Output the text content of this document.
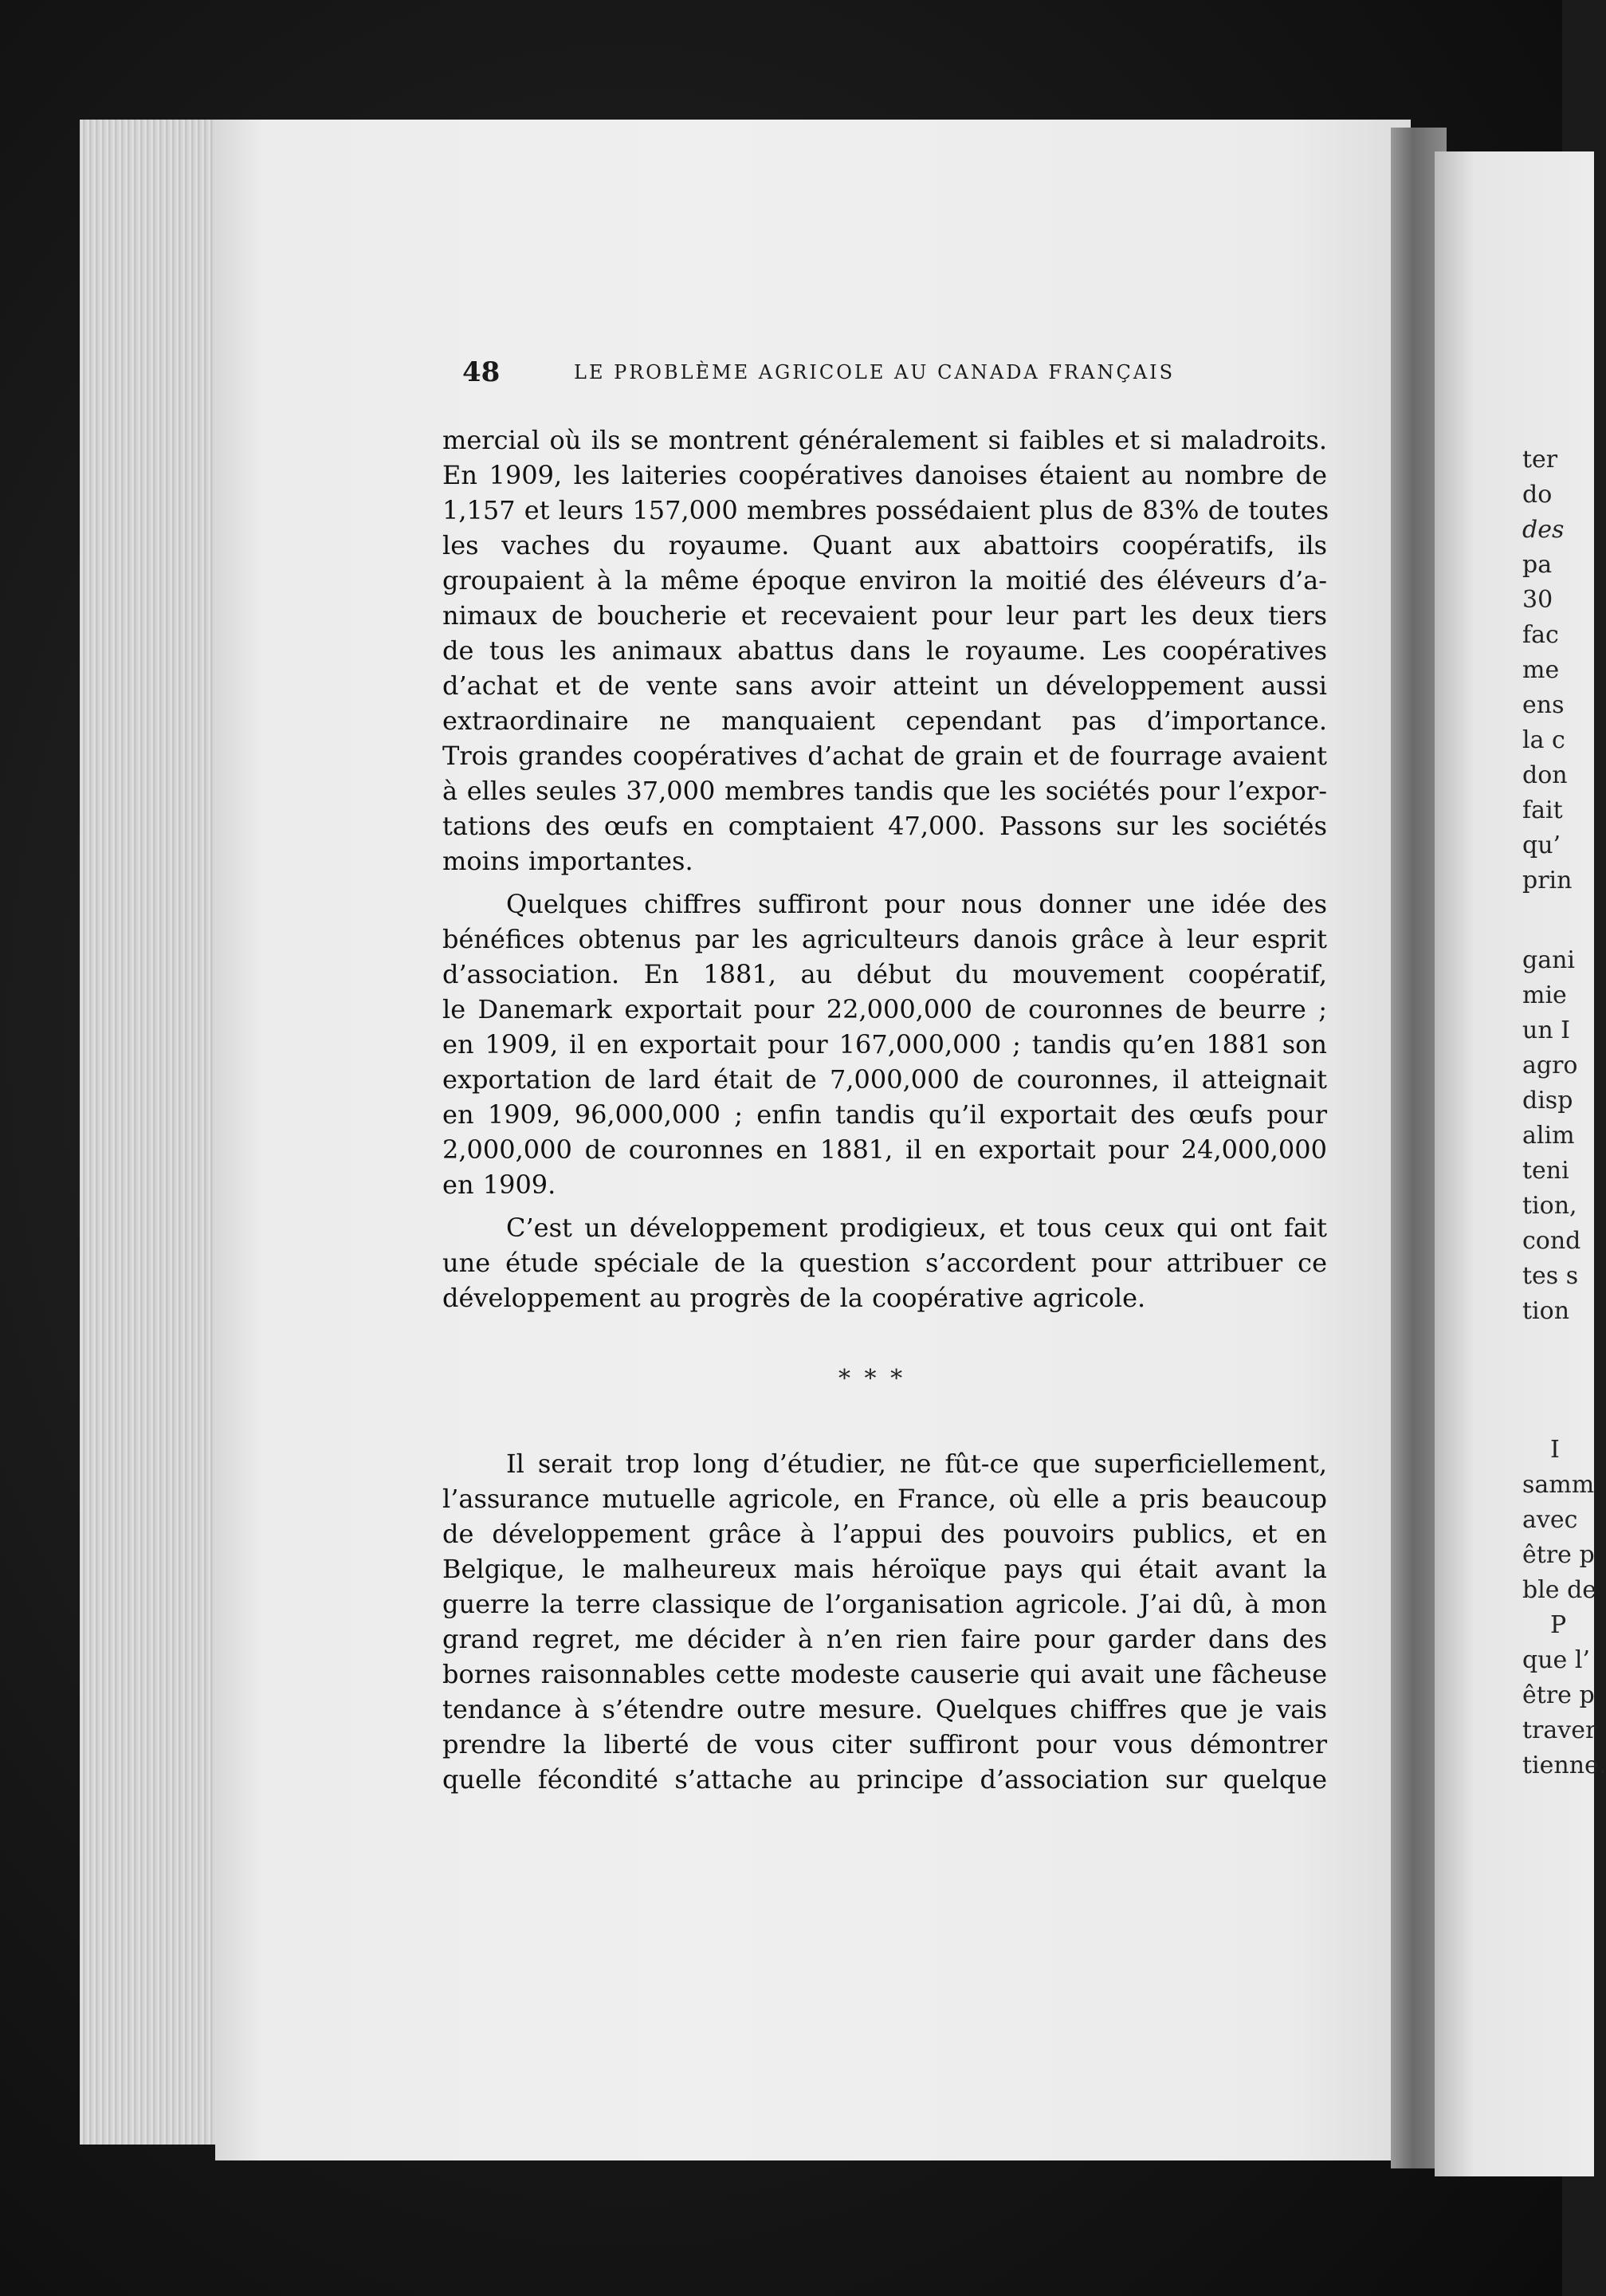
ter
do
des
pa
30
fac
me
ens
la c
don
fait
qu’
prin
gani
mie
un I
agro
disp
alim
teni
tion,
cond
tes s
tion
I
samm
avec
être p
ble de
P
que l’
être p
traver
tienne.
48	LE PROBLÈME AGRICOLE AU CANADA FRANÇAIS
mercial où ils se montrent généralement si faibles et si maladroits.
En 1909, les laiteries coopératives danoises étaient au nombre de
1,157 et leurs 157,000 membres possédaient plus de 83% de toutes
les vaches du royaume. Quant aux abattoirs coopératifs, ils
groupaient à la même époque environ la moitié des éléveurs d’a-
nimaux de boucherie et recevaient pour leur part les deux tiers
de tous les animaux abattus dans le royaume. Les coopératives
d’achat et de vente sans avoir atteint un développement aussi
extraordinaire ne manquaient cependant pas d’importance.
Trois grandes coopératives d’achat de grain et de fourrage avaient
à elles seules 37,000 membres tandis que les sociétés pour l’expor-
tations des œufs en comptaient 47,000. Passons sur les sociétés
moins importantes.
Quelques chiffres suffiront pour nous donner une idée des
bénéfices obtenus par les agriculteurs danois grâce à leur esprit
d’association. En 1881, au début du mouvement coopératif,
le Danemark exportait pour 22,000,000 de couronnes de beurre ;
en 1909, il en exportait pour 167,000,000 ; tandis qu’en 1881 son
exportation de lard était de 7,000,000 de couronnes, il atteignait
en 1909, 96,000,000 ; enfin tandis qu’il exportait des œufs pour
2,000,000 de couronnes en 1881, il en exportait pour 24,000,000
en 1909.
C’est un développement prodigieux, et tous ceux qui ont fait
une étude spéciale de la question s’accordent pour attribuer ce
développement au progrès de la coopérative agricole.
* * *
Il serait trop long d’étudier, ne fût-ce que superficiellement,
l’assurance mutuelle agricole, en France, où elle a pris beaucoup
de développement grâce à l’appui des pouvoirs publics, et en
Belgique, le malheureux mais héroïque pays qui était avant la
guerre la terre classique de l’organisation agricole. J’ai dû, à mon
grand regret, me décider à n’en rien faire pour garder dans des
bornes raisonnables cette modeste causerie qui avait une fâcheuse
tendance à s’étendre outre mesure. Quelques chiffres que je vais
prendre la liberté de vous citer suffiront pour vous démontrer
quelle fécondité s’attache au principe d’association sur quelque
